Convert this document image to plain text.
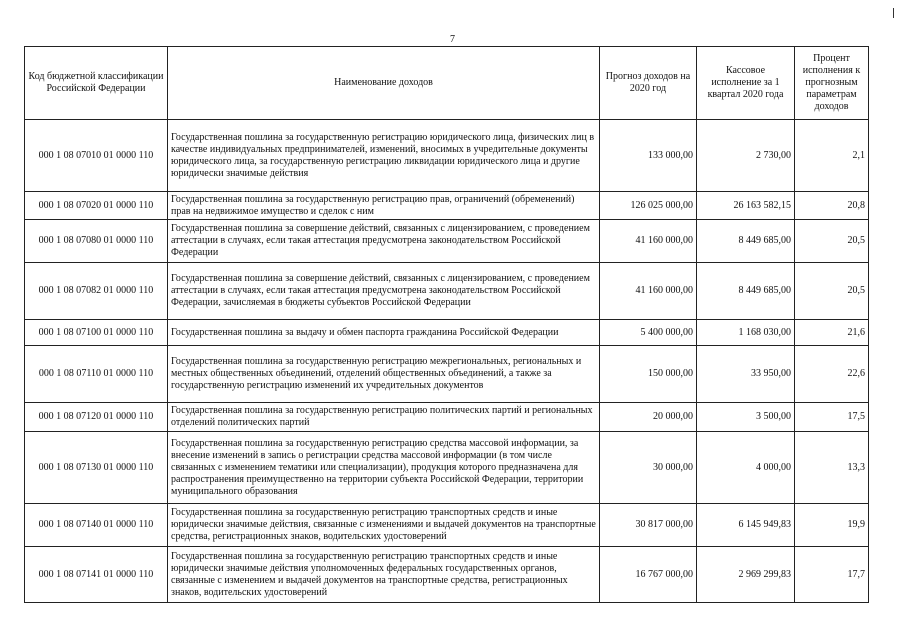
7
Код бюджетной классификации Российской Федерации	Наименование доходов	Прогноз доходов на 2020 год	Кассовое исполнение за 1 квартал 2020 года	Процент исполнения к прогнозным параметрам доходов
000 1 08 07010 01 0000 110	Государственная пошлина за государственную регистрацию юридического лица, физических лиц в качестве индивидуальных предпринимателей, изменений, вносимых в учредительные документы юридического лица, за государственную регистрацию ликвидации юридического лица и другие юридически значимые действия	133 000,00	2 730,00	2,1
000 1 08 07020 01 0000 110	Государственная пошлина за государственную регистрацию прав, ограничений (обременений) прав на недвижимое имущество и сделок с ним	126 025 000,00	26 163 582,15	20,8
000 1 08 07080 01 0000 110	Государственная пошлина за совершение действий, связанных с лицензированием, с проведением аттестации в случаях, если такая аттестация предусмотрена законодательством Российской Федерации	41 160 000,00	8 449 685,00	20,5
000 1 08 07082 01 0000 110	Государственная пошлина за совершение действий, связанных с лицензированием, с проведением аттестации в случаях, если такая аттестация предусмотрена законодательством Российской Федерации, зачисляемая в бюджеты субъектов Российской Федерации	41 160 000,00	8 449 685,00	20,5
000 1 08 07100 01 0000 110	Государственная пошлина за выдачу и обмен паспорта гражданина Российской Федерации	5 400 000,00	1 168 030,00	21,6
000 1 08 07110 01 0000 110	Государственная пошлина за государственную регистрацию межрегиональных, региональных и местных общественных объединений, отделений общественных объединений, а также за государственную регистрацию изменений их учредительных документов	150 000,00	33 950,00	22,6
000 1 08 07120 01 0000 110	Государственная пошлина за государственную регистрацию политических партий и региональных отделений политических партий	20 000,00	3 500,00	17,5
000 1 08 07130 01 0000 110	Государственная пошлина за государственную регистрацию средства массовой информации, за внесение изменений в запись о регистрации средства массовой информации (в том числе связанных с изменением тематики или специализации), продукция которого предназначена для распространения преимущественно на территории субъекта Российской Федерации, территории муниципального образования	30 000,00	4 000,00	13,3
000 1 08 07140 01 0000 110	Государственная пошлина за государственную регистрацию транспортных средств и иные юридически значимые действия, связанные с изменениями и выдачей документов на транспортные средства, регистрационных знаков, водительских удостоверений	30 817 000,00	6 145 949,83	19,9
000 1 08 07141 01 0000 110	Государственная пошлина за государственную регистрацию транспортных средств и иные юридически значимые действия уполномоченных федеральных государственных органов, связанные с изменением и выдачей документов на транспортные средства, регистрационных знаков, водительских удостоверений	16 767 000,00	2 969 299,83	17,7
